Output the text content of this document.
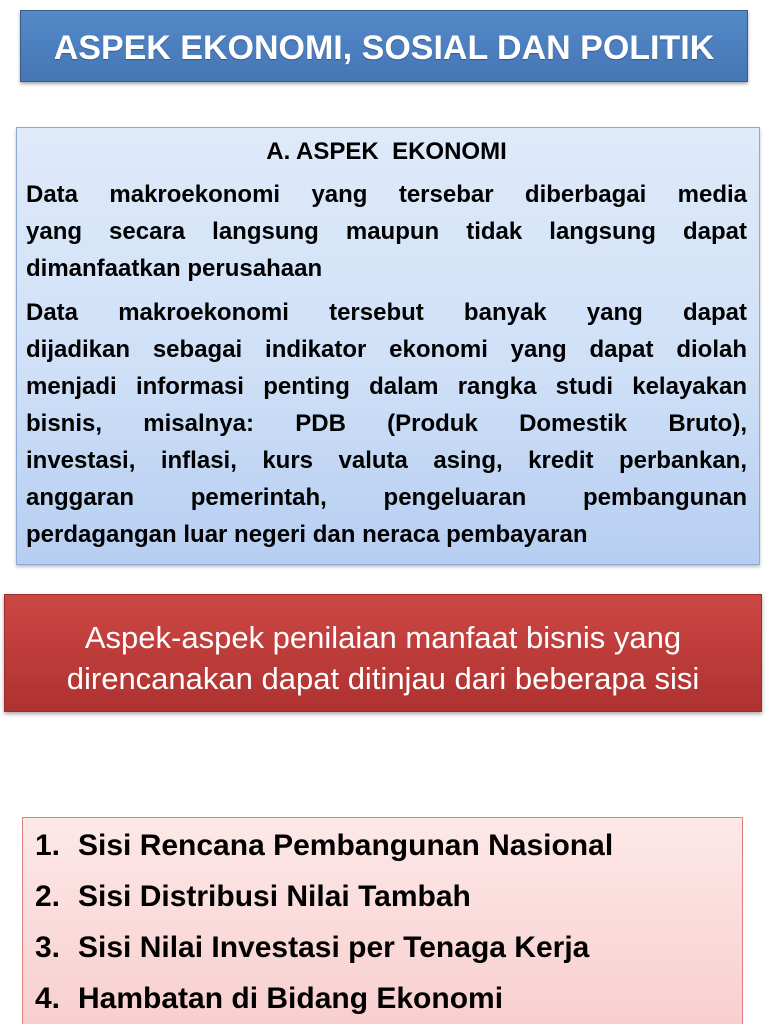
ASPEK EKONOMI, SOSIAL DAN POLITIK
A. ASPEK  EKONOMI
Data makroekonomi yang tersebar diberbagai media
yang secara langsung maupun tidak langsung dapat
dimanfaatkan perusahaan
Data makroekonomi tersebut banyak yang dapat
dijadikan sebagai indikator ekonomi yang dapat diolah
menjadi informasi penting dalam rangka studi kelayakan
bisnis, misalnya: PDB (Produk Domestik Bruto),
investasi, inflasi, kurs valuta asing, kredit perbankan,
anggaran pemerintah, pengeluaran pembangunan
perdagangan luar negeri dan neraca pembayaran
Aspek-aspek penilaian manfaat bisnis yang
direncanakan dapat ditinjau dari beberapa sisi
1. Sisi Rencana Pembangunan Nasional
2. Sisi Distribusi Nilai Tambah
3. Sisi Nilai Investasi per Tenaga Kerja
4. Hambatan di Bidang Ekonomi
